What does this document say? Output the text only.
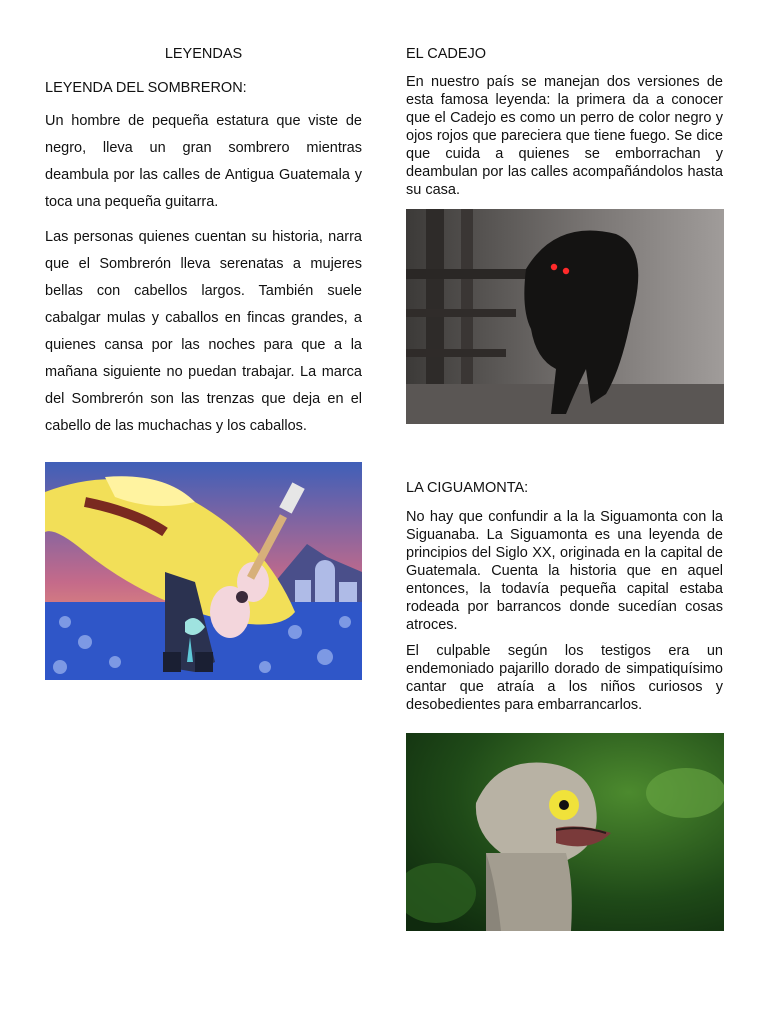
LEYENDAS
LEYENDA DEL SOMBRERON:

Un hombre de pequeña estatura que viste de negro, lleva un gran sombrero mientras deambula por las calles de Antigua Guatemala y toca una pequeña guitarra.

Las personas quienes cuentan su historia, narra que el Sombrerón lleva serenatas a mujeres bellas con cabellos largos. También suele cabalgar mulas y caballos en fincas grandes, a quienes cansa por las noches para que a la mañana siguiente no puedan trabajar. La marca del Sombrerón son las trenzas que deja en el cabello de las muchachas y los caballos.

EL CADEJO

En nuestro país se manejan dos versiones de esta famosa leyenda: la primera da a conocer que el Cadejo es como un perro de color negro y ojos rojos que pareciera que tiene fuego. Se dice que cuida a quienes se emborrachan y deambulan por las calles acompañándolos hasta su casa.

LA CIGUAMONTA:

No hay que confundir a la la Siguamonta con la Siguanaba. La Siguamonta es una leyenda de principios del Siglo XX, originada en la capital de Guatemala. Cuenta la historia que en aquel entonces, la todavía pequeña capital estaba rodeada por barrancos donde sucedían cosas atroces.

El culpable según los testigos era un endemoniado pajarillo dorado de simpatiquísimo cantar que atraía a los niños curiosos y desobedientes para embarrancarlos.
